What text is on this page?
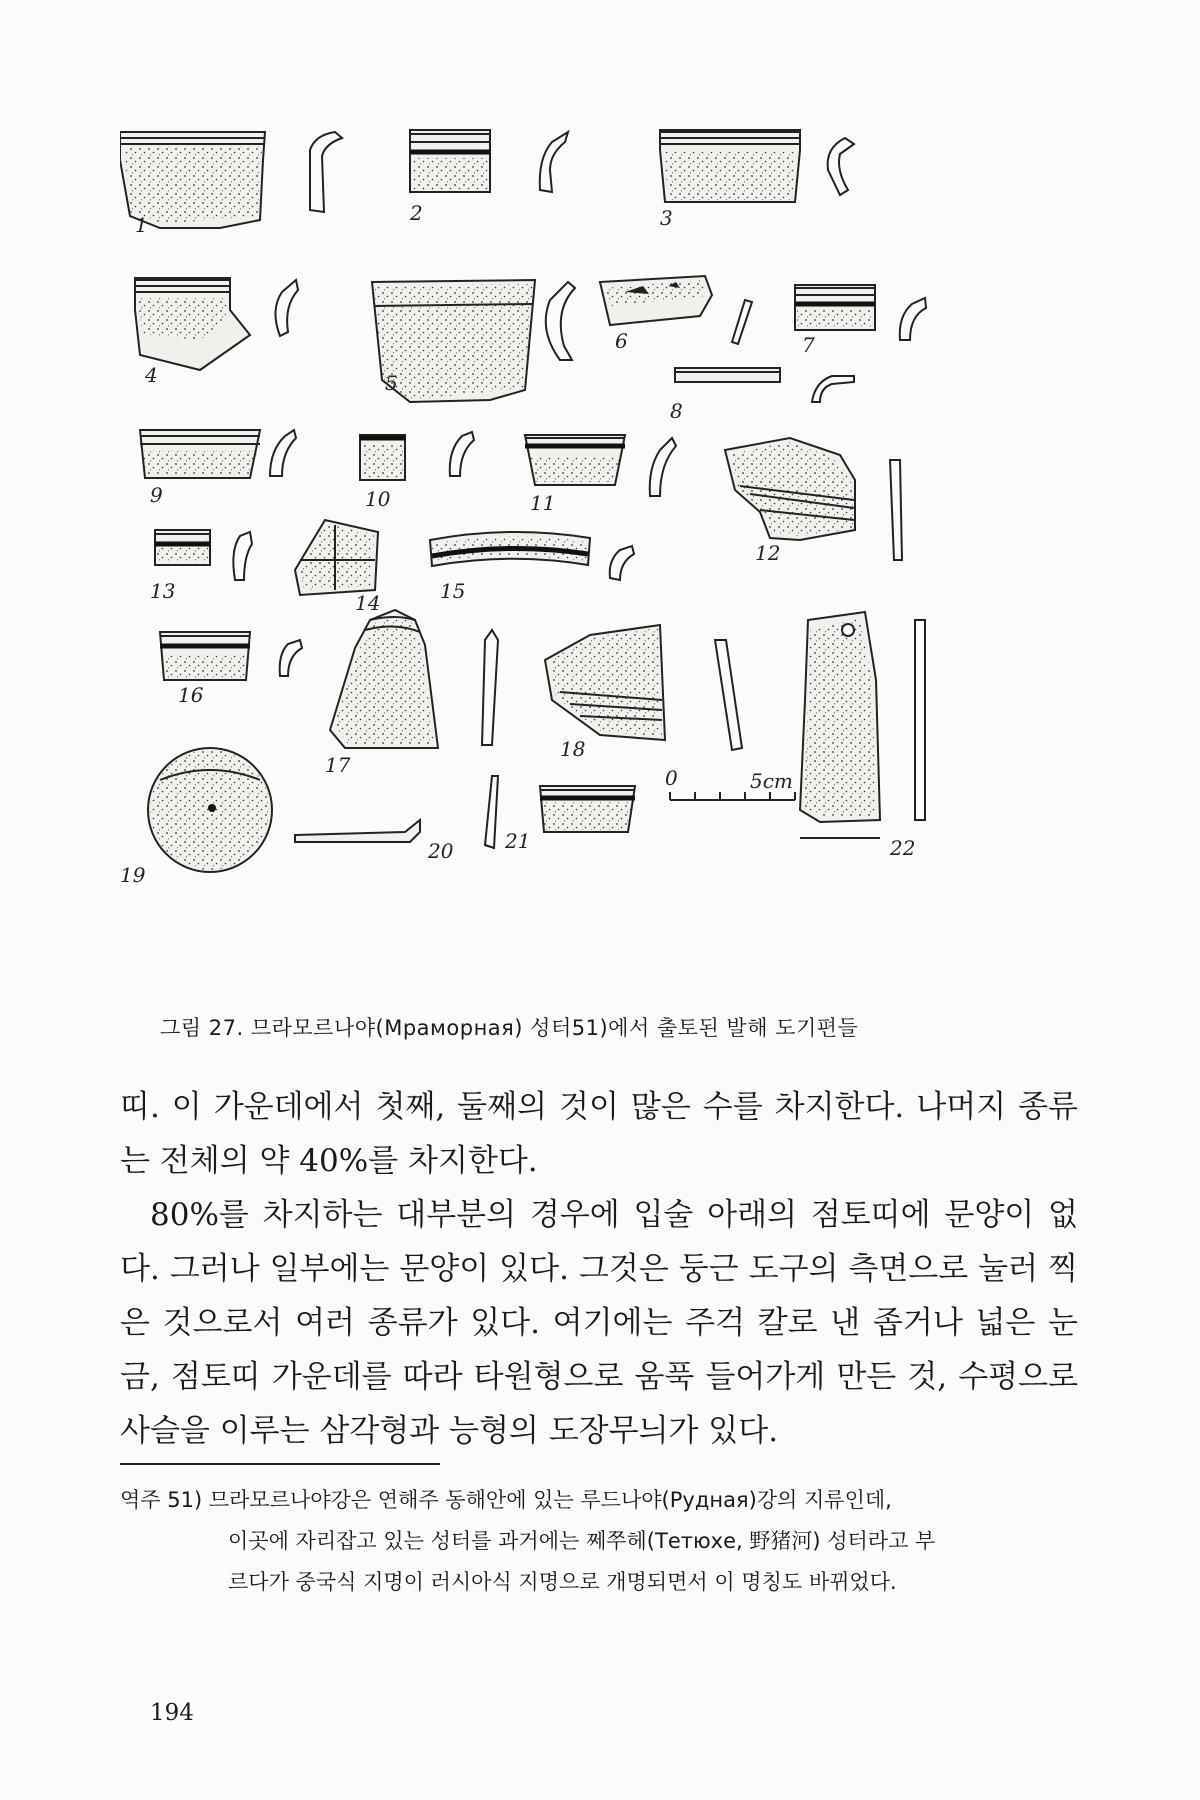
0	5cm
1	2	3
4	5
6	7
8
9	10	11
12
13	14	15
16
17
18
19
20	21	22
그림 27. 므라모르나야(Мраморная) 성터51)에서 출토된 발해 도기편들

띠. 이 가운데에서 첫째, 둘째의 것이 많은 수를 차지한다. 나머지 종류는 전체의 약 40%를 차지한다.

80%를 차지하는 대부분의 경우에 입술 아래의 점토띠에 문양이 없다. 그러나 일부에는 문양이 있다. 그것은 둥근 도구의 측면으로 눌러 찍은 것으로서 여러 종류가 있다. 여기에는 주걱 칼로 낸 좁거나 넓은 눈금, 점토띠 가운데를 따라 타원형으로 움푹 들어가게 만든 것, 수평으로 사슬을 이루는 삼각형과 능형의 도장무늬가 있다.

역주 51) 므라모르나야강은 연해주 동해안에 있는 루드나야(Рудная)강의 지류인데,
이곳에 자리잡고 있는 성터를 과거에는 쩨쭈헤(Тетюхе, 野猪河) 성터라고 부
르다가 중국식 지명이 러시아식 지명으로 개명되면서 이 명칭도 바뀌었다.
194
